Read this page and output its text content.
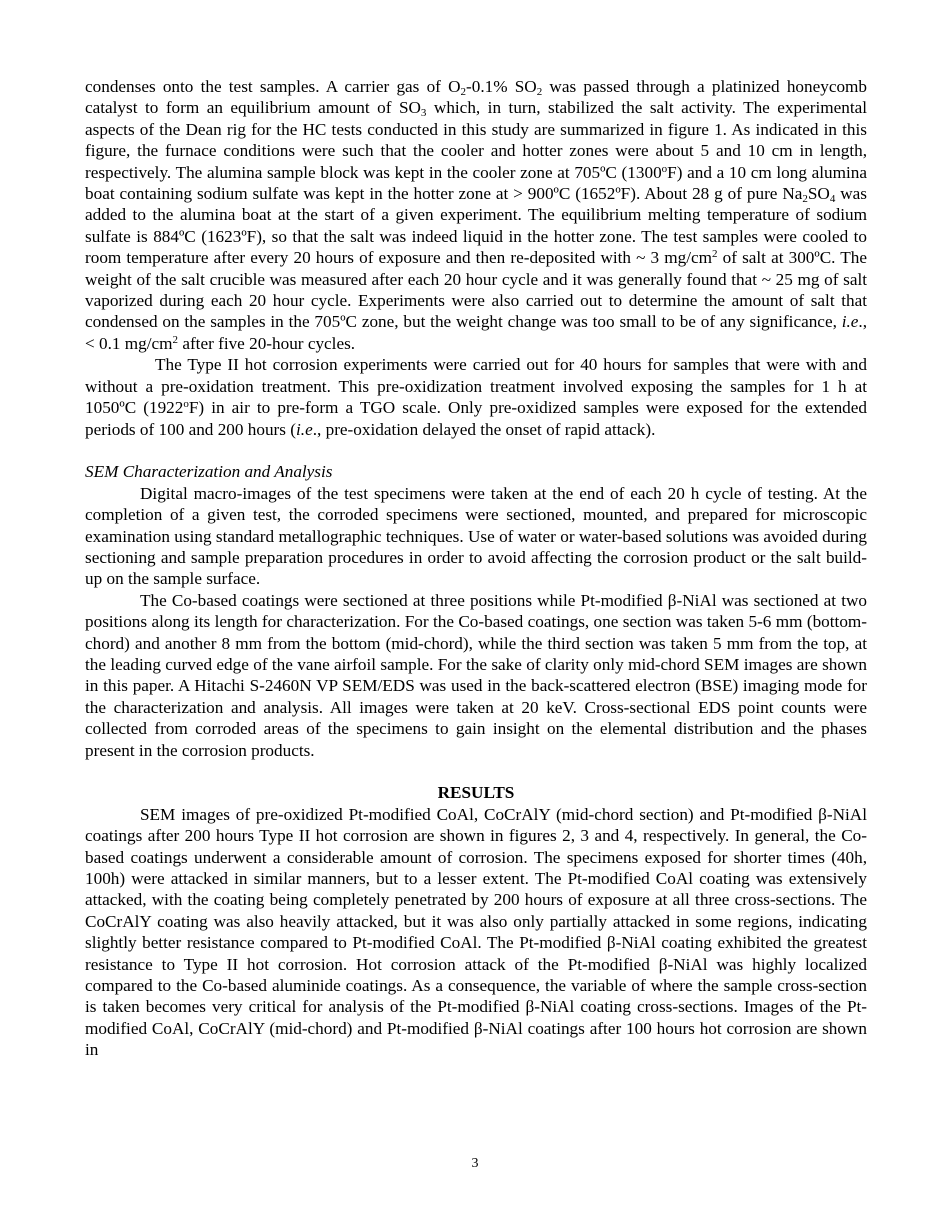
condenses onto the test samples. A carrier gas of $O_2-0.1\%$ $SO_2$ was passed through a platinized honeycomb catalyst to form an equilibrium amount of $SO_3$ which, in turn, stabilized the salt activity. The experimental aspects of the Dean rig for the HC tests conducted in this study are summarized in figure 1. As indicated in this figure, the furnace conditions were such that the cooler and hotter zones were about 5 and 10 cm in length, respectively. The alumina sample block was kept in the cooler zone at 705ºC (1300$^o$F) and a 10 cm long alumina boat containing sodium sulfate was kept in the hotter zone at > 900ºC (1652ºF). About 28 g of pure $Na_2SO_4$ was added to the alumina boat at the start of a given experiment. The equilibrium melting temperature of sodium sulfate is 884ºC (1623ºF), so that the salt was indeed liquid in the hotter zone. The test samples were cooled to room temperature after every 20 hours of exposure and then re-deposited with ~ 3 $mg/cm^2$ of salt at 300ºC. The weight of the salt crucible was measured after each 20 hour cycle and it was generally found that ~ 25 mg of salt vaporized during each 20 hour cycle. Experiments were also carried out to determine the amount of salt that condensed on the samples in the 705ºC zone, but the weight change was too small to be of any significance, i.e., < 0.1 $mg/cm^2$ after five 20-hour cycles.

The Type II hot corrosion experiments were carried out for 40 hours for samples that were with and without a pre-oxidation treatment. This pre-oxidization treatment involved exposing the samples for 1 h at 1050ºC (1922$^o$F) in air to pre-form a TGO scale. Only pre-oxidized samples were exposed for the extended periods of 100 and 200 hours (i.e., pre-oxidation delayed the onset of rapid attack).

SEM Characterization and Analysis

Digital macro-images of the test specimens were taken at the end of each 20 h cycle of testing. At the completion of a given test, the corroded specimens were sectioned, mounted, and prepared for microscopic examination using standard metallographic techniques. Use of water or water-based solutions was avoided during sectioning and sample preparation procedures in order to avoid affecting the corrosion product or the salt build-up on the sample surface.

The Co-based coatings were sectioned at three positions while Pt-modified β-NiAl was sectioned at two positions along its length for characterization. For the Co-based coatings, one section was taken 5-6 mm (bottom-chord) and another 8 mm from the bottom (mid-chord), while the third section was taken 5 mm from the top, at the leading curved edge of the vane airfoil sample. For the sake of clarity only mid-chord SEM images are shown in this paper. A Hitachi S-2460N VP SEM/EDS was used in the back-scattered electron (BSE) imaging mode for the characterization and analysis. All images were taken at 20 keV. Cross-sectional EDS point counts were collected from corroded areas of the specimens to gain insight on the elemental distribution and the phases present in the corrosion products.

RESULTS

SEM images of pre-oxidized Pt-modified CoAl, CoCrAlY (mid-chord section) and Pt-modified β-NiAl coatings after 200 hours Type II hot corrosion are shown in figures 2, 3 and 4, respectively. In general, the Co-based coatings underwent a considerable amount of corrosion. The specimens exposed for shorter times (40h, 100h) were attacked in similar manners, but to a lesser extent. The Pt-modified CoAl coating was extensively attacked, with the coating being completely penetrated by 200 hours of exposure at all three cross-sections. The CoCrAlY coating was also heavily attacked, but it was also only partially attacked in some regions, indicating slightly better resistance compared to Pt-modified CoAl. The Pt-modified β-NiAl coating exhibited the greatest resistance to Type II hot corrosion. Hot corrosion attack of the Pt-modified β-NiAl was highly localized compared to the Co-based aluminide coatings. As a consequence, the variable of where the sample cross-section is taken becomes very critical for analysis of the Pt-modified β-NiAl coating cross-sections. Images of the Pt-modified CoAl, CoCrAlY (mid-chord) and Pt-modified β-NiAl coatings after 100 hours hot corrosion are shown in

3
